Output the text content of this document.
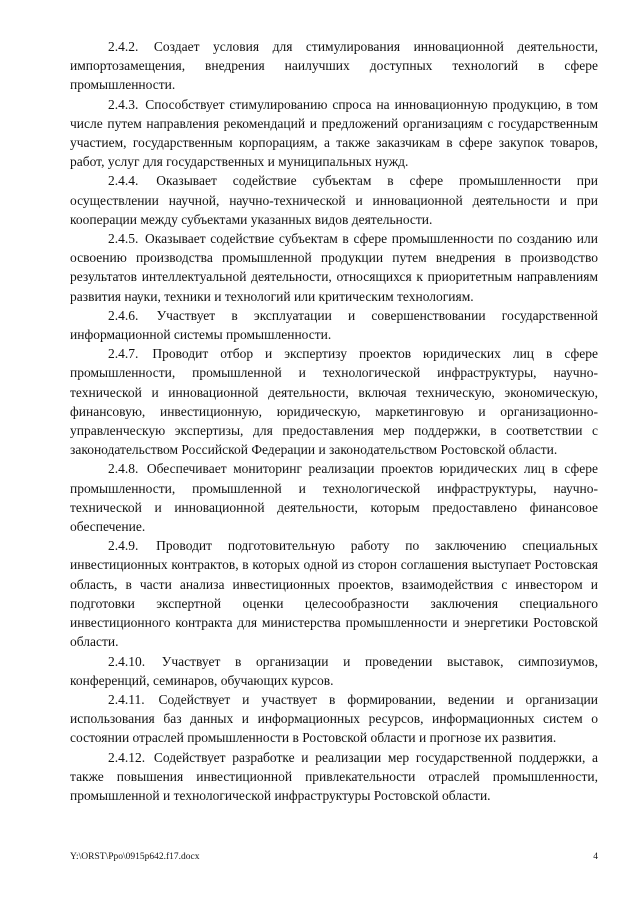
2.4.2. Создает условия для стимулирования инновационной деятельности, импортозамещения, внедрения наилучших доступных технологий в сфере промышленности.

2.4.3. Способствует стимулированию спроса на инновационную продукцию, в том числе путем направления рекомендаций и предложений организациям с государственным участием, государственным корпорациям, а также заказчикам в сфере закупок товаров, работ, услуг для государственных и муниципальных нужд.

2.4.4. Оказывает содействие субъектам в сфере промышленности при осуществлении научной, научно-технической и инновационной деятельности и при кооперации между субъектами указанных видов деятельности.

2.4.5. Оказывает содействие субъектам в сфере промышленности по созданию или освоению производства промышленной продукции путем внедрения в производство результатов интеллектуальной деятельности, относящихся к приоритетным направлениям развития науки, техники и технологий или критическим технологиям.

2.4.6. Участвует в эксплуатации и совершенствовании государственной информационной системы промышленности.

2.4.7. Проводит отбор и экспертизу проектов юридических лиц в сфере промышленности, промышленной и технологической инфраструктуры, научно-технической и инновационной деятельности, включая техническую, экономическую, финансовую, инвестиционную, юридическую, маркетинговую и организационно-управленческую экспертизы, для предоставления мер поддержки, в соответствии с законодательством Российской Федерации и законодательством Ростовской области.

2.4.8. Обеспечивает мониторинг реализации проектов юридических лиц в сфере промышленности, промышленной и технологической инфраструктуры, научно-технической и инновационной деятельности, которым предоставлено финансовое обеспечение.

2.4.9. Проводит подготовительную работу по заключению специальных инвестиционных контрактов, в которых одной из сторон соглашения выступает Ростовская область, в части анализа инвестиционных проектов, взаимодействия с инвестором и подготовки экспертной оценки целесообразности заключения специального инвестиционного контракта для министерства промышленности и энергетики Ростовской области.

2.4.10. Участвует в организации и проведении выставок, симпозиумов, конференций, семинаров, обучающих курсов.

2.4.11. Содействует и участвует в формировании, ведении и организации использования баз данных и информационных ресурсов, информационных систем о состоянии отраслей промышленности в Ростовской области и прогнозе их развития.

2.4.12. Содействует разработке и реализации мер государственной поддержки, а также повышения инвестиционной привлекательности отраслей промышленности, промышленной и технологической инфраструктуры Ростовской области.

Y:\ORST\Ppo\0915p642.f17.docx	4
